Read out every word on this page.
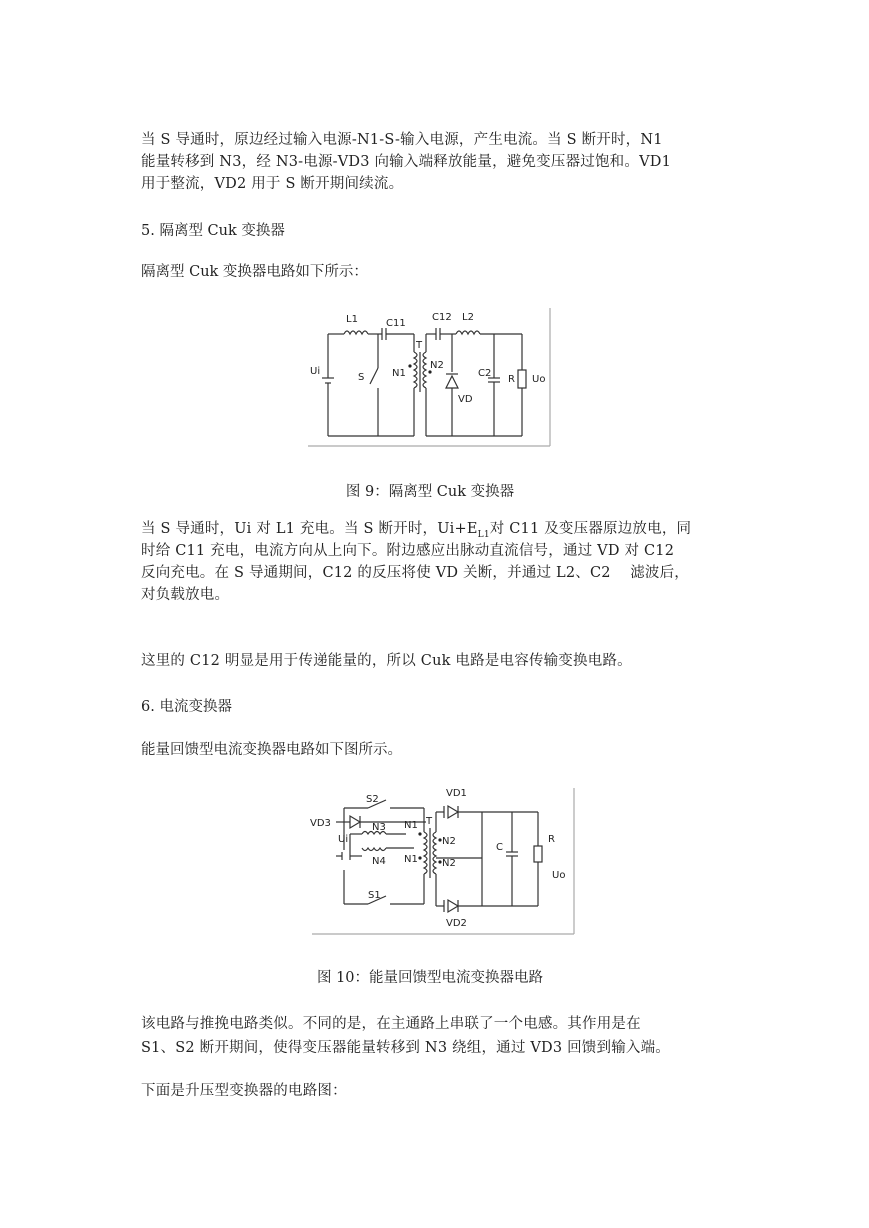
当 S 导通时，原边经过输入电源-N1-S-输入电源，产生电流。当 S 断开时，N1

能量转移到 N3，经 N3-电源-VD3 向输入端释放能量，避免变压器过饱和。VD1

用于整流，VD2 用于 S 断开期间续流。

5. 隔离型 Cuk 变换器

隔离型 Cuk 变换器电路如下所示：

L1	C11
C12 L2
Ui
S
T
N1
N2
C2
R Uo
VD

图 9：隔离型 Cuk 变换器

当 S 导通时，Ui 对 L1 充电。当 S 断开时，$Ui+E_{L1}$对 C11 及变压器原边放电，同

时给 C11 充电，电流方向从上向下。附边感应出脉动直流信号，通过 VD 对 C12

反向充电。在 S 导通期间，C12 的反压将使 VD 关断，并通过 L2、C2　 滤波后，

对负载放电。

这里的 C12 明显是用于传递能量的，所以 Cuk 电路是电容传输变换电路。

6. 电流变换器

能量回馈型电流变换器电路如下图所示。

S2
VD1
VD3
Ui
N3 N1 T
N2
N4 N1 N2
C
R
Uo
S1
VD2

图 10：能量回馈型电流变换器电路

该电路与推挽电路类似。不同的是，在主通路上串联了一个电感。其作用是在

S1、S2 断开期间，使得变压器能量转移到 N3 绕组，通过 VD3 回馈到输入端。

下面是升压型变换器的电路图：
